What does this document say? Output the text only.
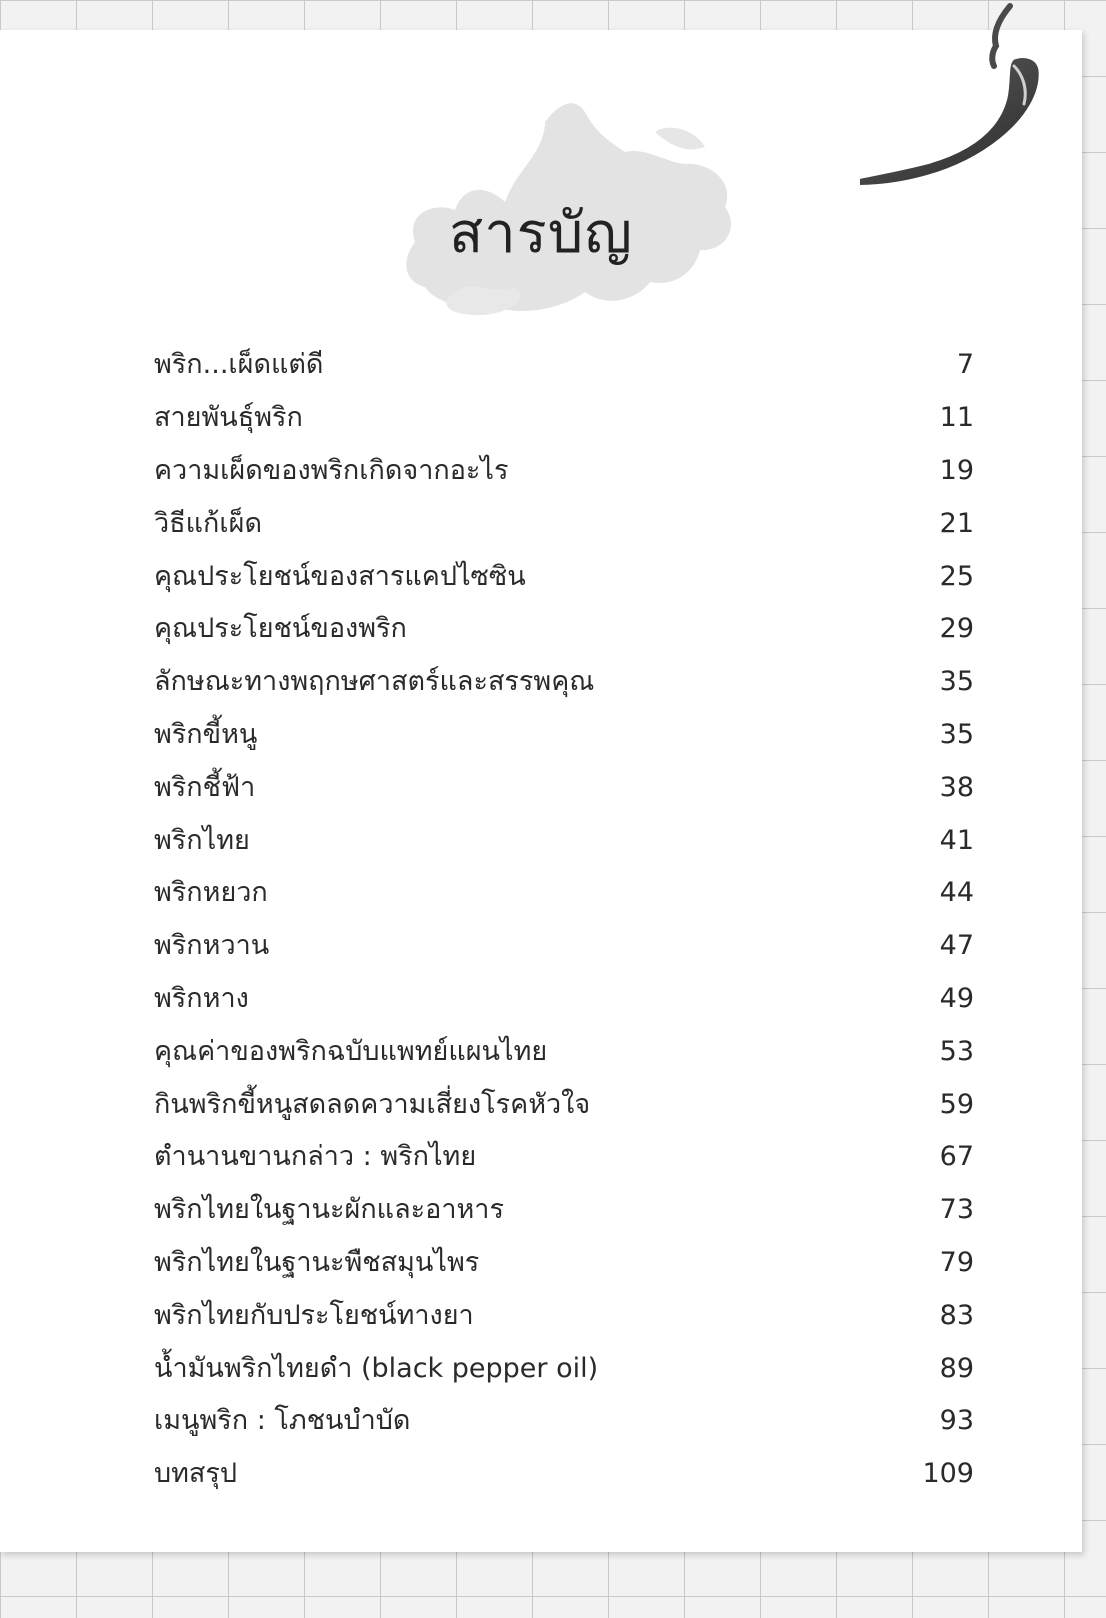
สารบัญ
พริก...เผ็ดแต่ดี	7
สายพันธุ์พริก	11
ความเผ็ดของพริกเกิดจากอะไร	19
วิธีแก้เผ็ด	21
คุณประโยชน์ของสารแคปไซซิน	25
คุณประโยชน์ของพริก	29
ลักษณะทางพฤกษศาสตร์และสรรพคุณ	35
พริกขี้หนู	35
พริกชี้ฟ้า	38
พริกไทย	41
พริกหยวก	44
พริกหวาน	47
พริกหาง	49
คุณค่าของพริกฉบับแพทย์แผนไทย	53
กินพริกขี้หนูสดลดความเสี่ยงโรคหัวใจ	59
ตำนานขานกล่าว : พริกไทย	67
พริกไทยในฐานะผักและอาหาร	73
พริกไทยในฐานะพืชสมุนไพร	79
พริกไทยกับประโยชน์ทางยา	83
น้ำมันพริกไทยดำ (black pepper oil)	89
เมนูพริก : โภชนบำบัด	93
บทสรุป	109
